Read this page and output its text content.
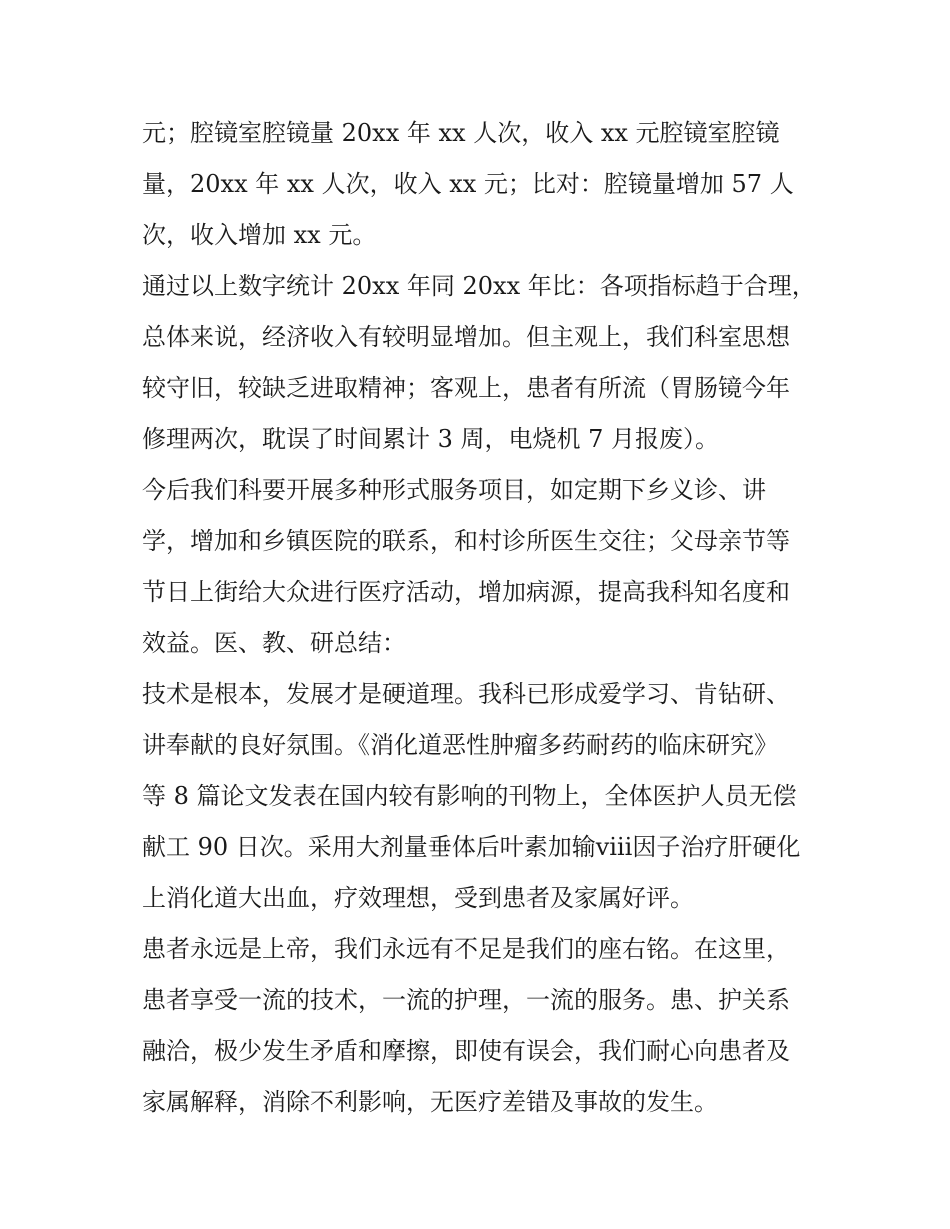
元；腔镜室腔镜量 20xx 年 xx 人次，收入 xx 元腔镜室腔镜
量，20xx 年 xx 人次，收入 xx 元；比对：腔镜量增加 57 人
次，收入增加 xx 元。

通过以上数字统计 20xx 年同 20xx 年比：各项指标趋于合理，
总体来说，经济收入有较明显增加。但主观上，我们科室思想
较守旧，较缺乏进取精神；客观上，患者有所流（胃肠镜今年
修理两次，耽误了时间累计 3 周，电烧机 7 月报废）。

今后我们科要开展多种形式服务项目，如定期下乡义诊、讲
学，增加和乡镇医院的联系，和村诊所医生交往；父母亲节等
节日上街给大众进行医疗活动，增加病源，提高我科知名度和
效益。医、教、研总结：

技术是根本，发展才是硬道理。我科已形成爱学习、肯钻研、
讲奉献的良好氛围。《消化道恶性肿瘤多药耐药的临床研究》
等 8 篇论文发表在国内较有影响的刊物上，全体医护人员无偿
献工 90 日次。采用大剂量垂体后叶素加输ⅷ因子治疗肝硬化
上消化道大出血，疗效理想，受到患者及家属好评。

患者永远是上帝，我们永远有不足是我们的座右铭。在这里，
患者享受一流的技术，一流的护理，一流的服务。患、护关系
融洽，极少发生矛盾和摩擦，即使有误会，我们耐心向患者及
家属解释，消除不利影响，无医疗差错及事故的发生。
